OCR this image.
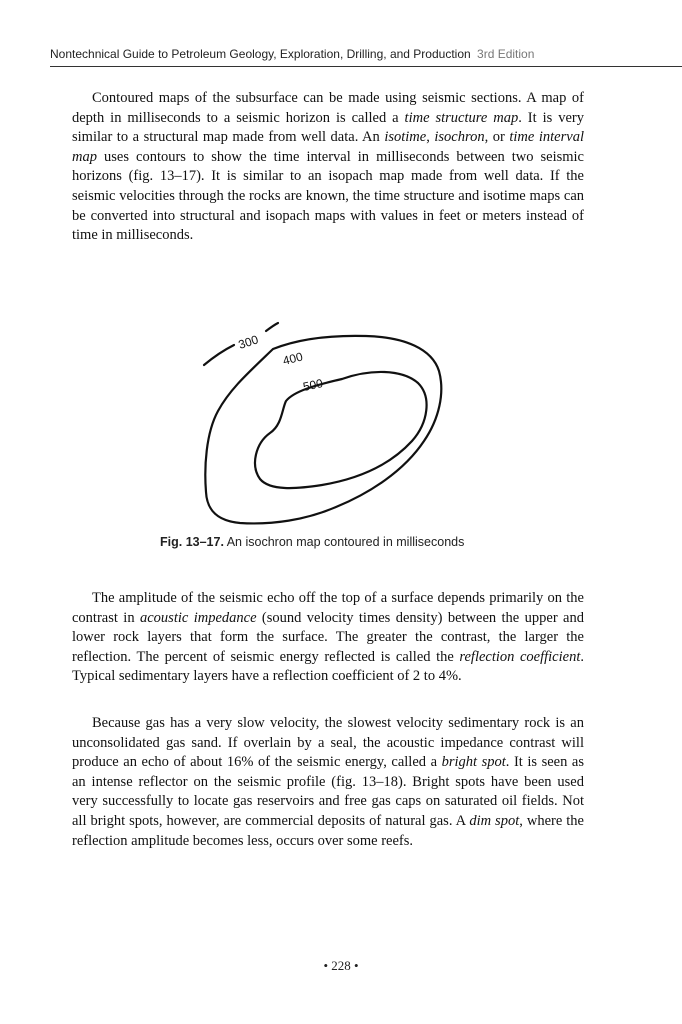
Nontechnical Guide to Petroleum Geology, Exploration, Drilling, and Production 3rd Edition

Contoured maps of the subsurface can be made using seismic sections. A map of depth in milliseconds to a seismic horizon is called a time structure map. It is very similar to a structural map made from well data. An isotime, isochron, or time interval map uses contours to show the time interval in milliseconds between two seismic horizons (fig. 13–17). It is similar to an isopach map made from well data. If the seismic velocities through the rocks are known, the time structure and isotime maps can be converted into structural and isopach maps with values in feet or meters instead of time in milliseconds.

300
400
500
Fig. 13–17. An isochron map contoured in milliseconds

The amplitude of the seismic echo off the top of a surface depends primarily on the contrast in acoustic impedance (sound velocity times density) between the upper and lower rock layers that form the surface. The greater the contrast, the larger the reflection. The percent of seismic energy reflected is called the reflection coefficient. Typical sedimentary layers have a reflection coefficient of 2 to 4%.

Because gas has a very slow velocity, the slowest velocity sedimentary rock is an unconsolidated gas sand. If overlain by a seal, the acoustic impedance contrast will produce an echo of about 16% of the seismic energy, called a bright spot. It is seen as an intense reflector on the seismic profile (fig. 13–18). Bright spots have been used very successfully to locate gas reservoirs and free gas caps on saturated oil fields. Not all bright spots, however, are commercial deposits of natural gas. A dim spot, where the reflection amplitude becomes less, occurs over some reefs.

• 228 •
